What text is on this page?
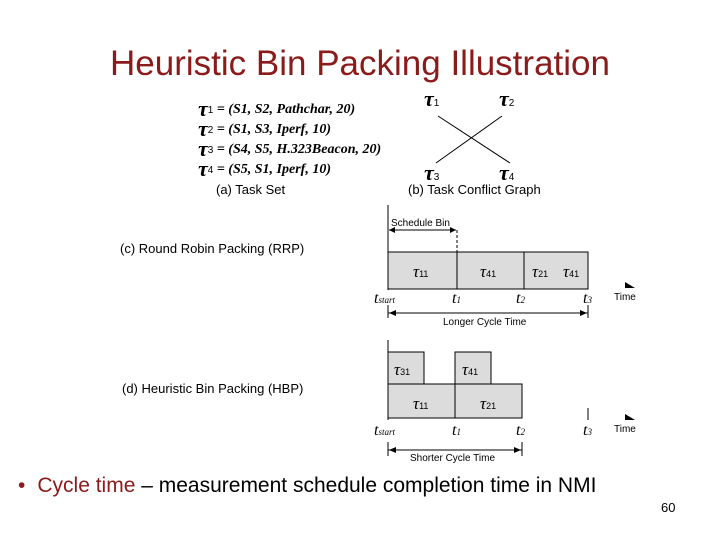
Heuristic Bin Packing Illustration
τ1 = (S1, S2, Pathchar, 20)
τ2 = (S1, S3, Iperf, 10)
τ3 = (S4, S5, H.323Beacon, 20)
τ4 = (S5, S1, Iperf, 10)
(a) Task Set
τ1	τ2
τ3	τ4
(b) Task Conflict Graph
(c) Round Robin Packing (RRP)
Schedule Bin
τ11	τ41 τ21 τ41
tstart	t1	t2	t3 Time
Longer Cycle Time
(d) Heuristic Bin Packing (HBP)
τ31	τ41
τ11	τ21
tstart	t1	t2	t3 Time
Shorter Cycle Time
• Cycle time – measurement schedule completion time in NMI
60
